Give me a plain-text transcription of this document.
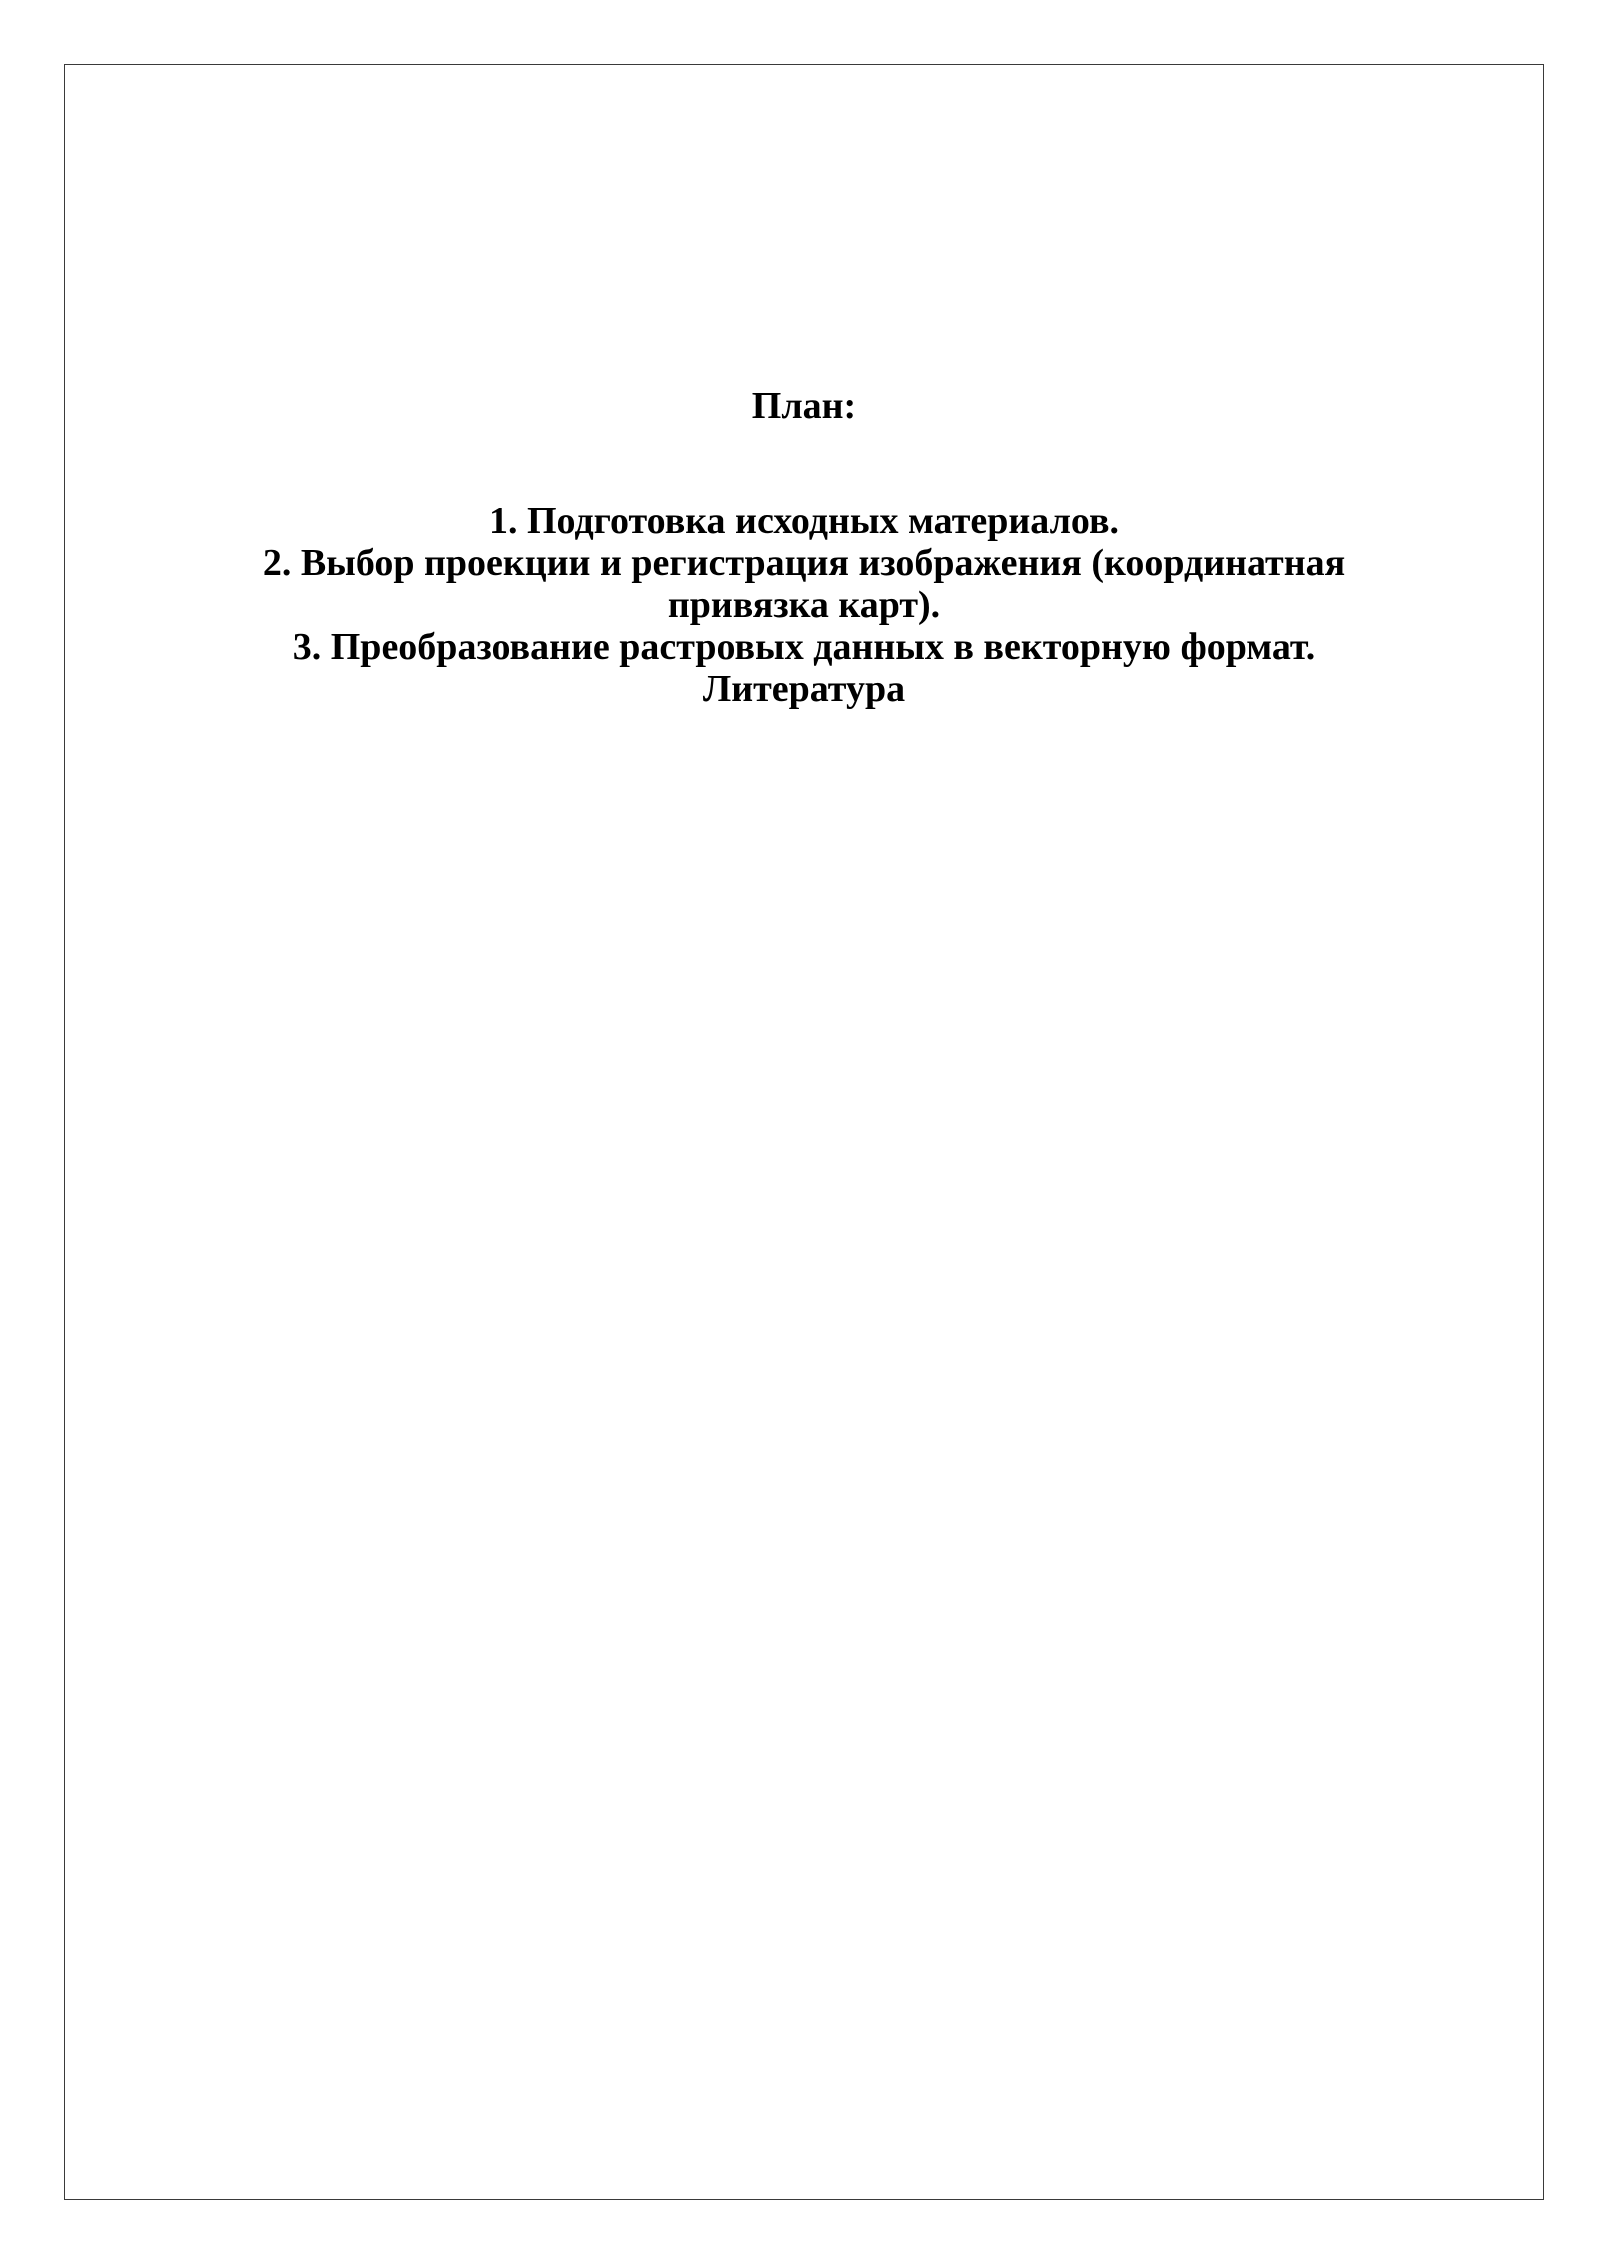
План:
1. Подготовка исходных материалов.
2. Выбор проекции и регистрация изображения (координатная привязка карт).
3. Преобразование растровых данных в векторную формат.
Литература
